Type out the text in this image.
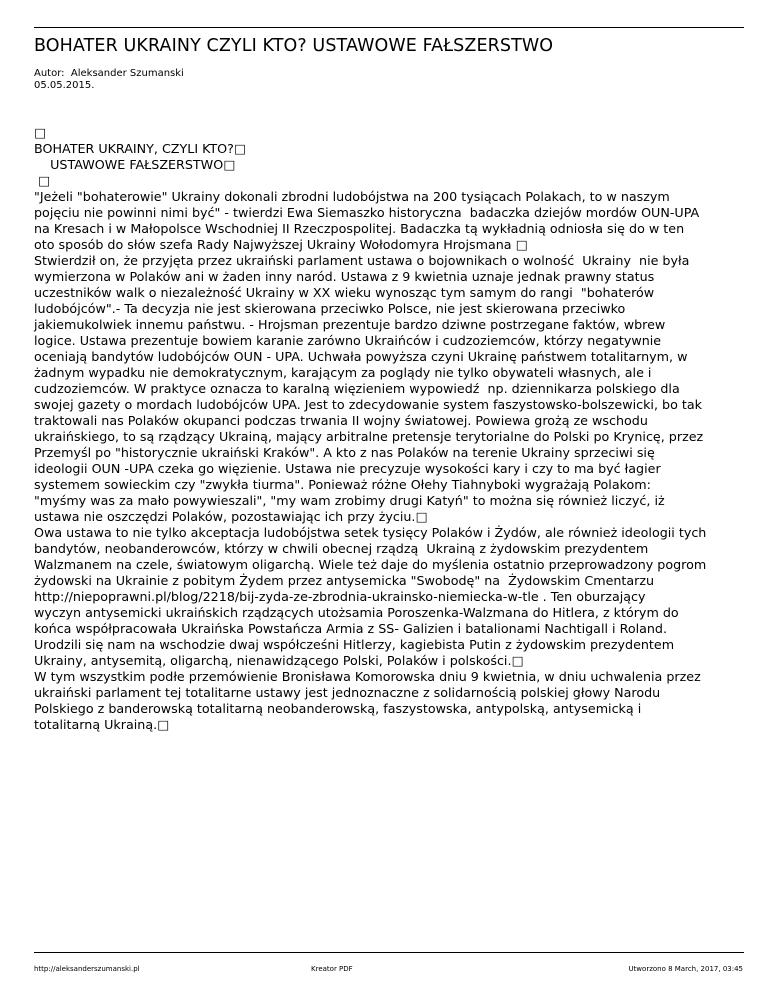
BOHATER UKRAINY CZYLI KTO? USTAWOWE FAŁSZERSTWO
Autor:  Aleksander Szumanski
05.05.2015.
□
BOHATER UKRAINY, CZYLI KTO?□
USTAWOWE FAŁSZERSTWO□
□
"Jeżeli "bohaterowie" Ukrainy dokonali zbrodni ludobójstwa na 200 tysiącach Polakach, to w naszym
pojęciu nie powinni nimi być" - twierdzi Ewa Siemaszko historyczna  badaczka dziejów mordów OUN-UPA
na Kresach i w Małopolsce Wschodniej II Rzeczpospolitej. Badaczka tą wykładnią odniosła się do w ten
oto sposób do słów szefa Rady Najwyższej Ukrainy Wołodomyra Hrojsmana □
Stwierdził on, że przyjęta przez ukraiński parlament ustawa o bojownikach o wolność  Ukrainy  nie była
wymierzona w Polaków ani w żaden inny naród. Ustawa z 9 kwietnia uznaje jednak prawny status
uczestników walk o niezależność Ukrainy w XX wieku wynosząc tym samym do rangi  "bohaterów
ludobójców".- Ta decyzja nie jest skierowana przeciwko Polsce, nie jest skierowana przeciwko
jakiemukolwiek innemu państwu. - Hrojsman prezentuje bardzo dziwne postrzegane faktów, wbrew
logice. Ustawa prezentuje bowiem karanie zarówno Ukraińców i cudzoziemców, którzy negatywnie
oceniają bandytów ludobójców OUN - UPA. Uchwała powyższa czyni Ukrainę państwem totalitarnym, w
żadnym wypadku nie demokratycznym, karającym za poglądy nie tylko obywateli własnych, ale i
cudzoziemców. W praktyce oznacza to karalną więzieniem wypowiedź  np. dziennikarza polskiego dla
swojej gazety o mordach ludobójców UPA. Jest to zdecydowanie system faszystowsko-bolszewicki, bo tak
traktowali nas Polaków okupanci podczas trwania II wojny światowej. Powiewa grożą ze wschodu
ukraińskiego, to są rządzący Ukrainą, mający arbitralne pretensje terytorialne do Polski po Krynicę, przez
Przemyśl po "historycznie ukraiński Kraków". A kto z nas Polaków na terenie Ukrainy sprzeciwi się
ideologii OUN -UPA czeka go więzienie. Ustawa nie precyzuje wysokości kary i czy to ma być łagier
systemem sowieckim czy "zwykła tiurma". Ponieważ różne Ołehy Tiahnyboki wygrażają Polakom:
"myśmy was za mało powywieszali", "my wam zrobimy drugi Katyń" to można się również liczyć, iż
ustawa nie oszczędzi Polaków, pozostawiając ich przy życiu.□
Owa ustawa to nie tylko akceptacja ludobójstwa setek tysięcy Polaków i Żydów, ale również ideologii tych
bandytów, neobanderowców, którzy w chwili obecnej rządzą  Ukrainą z żydowskim prezydentem
Walzmanem na czele, światowym oligarchą. Wiele też daje do myślenia ostatnio przeprowadzony pogrom
żydowski na Ukrainie z pobitym Żydem przez antysemicka "Swobodę" na  Żydowskim Cmentarzu
http://niepoprawni.pl/blog/2218/bij-zyda-ze-zbrodnia-ukrainsko-niemiecka-w-tle . Ten oburzający
wyczyn antysemicki ukraińskich rządzących utożsamia Poroszenka-Walzmana do Hitlera, z którym do
końca współpracowała Ukraińska Powstańcza Armia z SS- Galizien i batalionami Nachtigall i Roland.
Urodzili się nam na wschodzie dwaj współcześni Hitlerzy, kagiebista Putin z żydowskim prezydentem
Ukrainy, antysemitą, oligarchą, nienawidzącego Polski, Polaków i polskości.□
W tym wszystkim podłe przemówienie Bronisława Komorowska dniu 9 kwietnia, w dniu uchwalenia przez
ukraiński parlament tej totalitarne ustawy jest jednoznaczne z solidarnością polskiej głowy Narodu
Polskiego z banderowską totalitarną neobanderowską, faszystowska, antypolską, antysemicką i
totalitarną Ukrainą.□
http://aleksanderszumanski.pl	Kreator PDF	Utworzono 8 March, 2017, 03:45
